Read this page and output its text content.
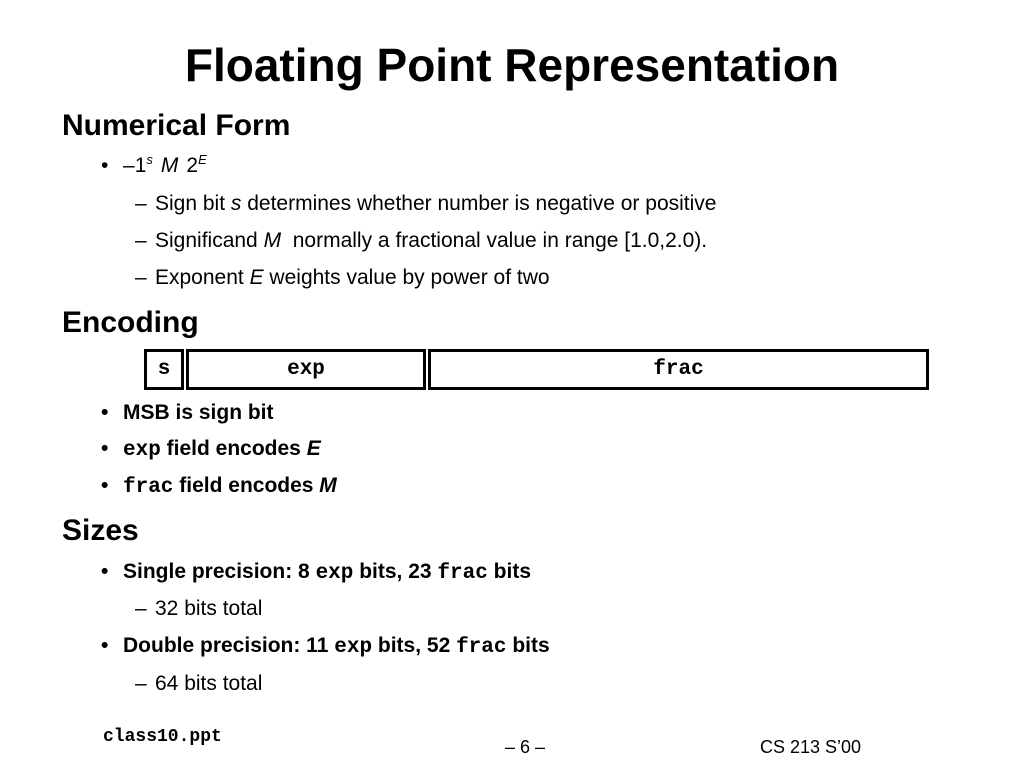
Floating Point Representation
Numerical Form
• –1$^s$ M $2^E$
– Sign bit s determines whether number is negative or positive
– Significand M  normally a fractional value in range [1.0,2.0).
– Exponent E weights value by power of two
Encoding
s	exp	frac
• MSB is sign bit
• exp field encodes E
• frac field encodes M
Sizes
• Single precision: 8 exp bits, 23 frac bits
– 32 bits total
• Double precision: 11 exp bits, 52 frac bits
– 64 bits total
class10.ppt	– 6 –	CS 213 S’00
